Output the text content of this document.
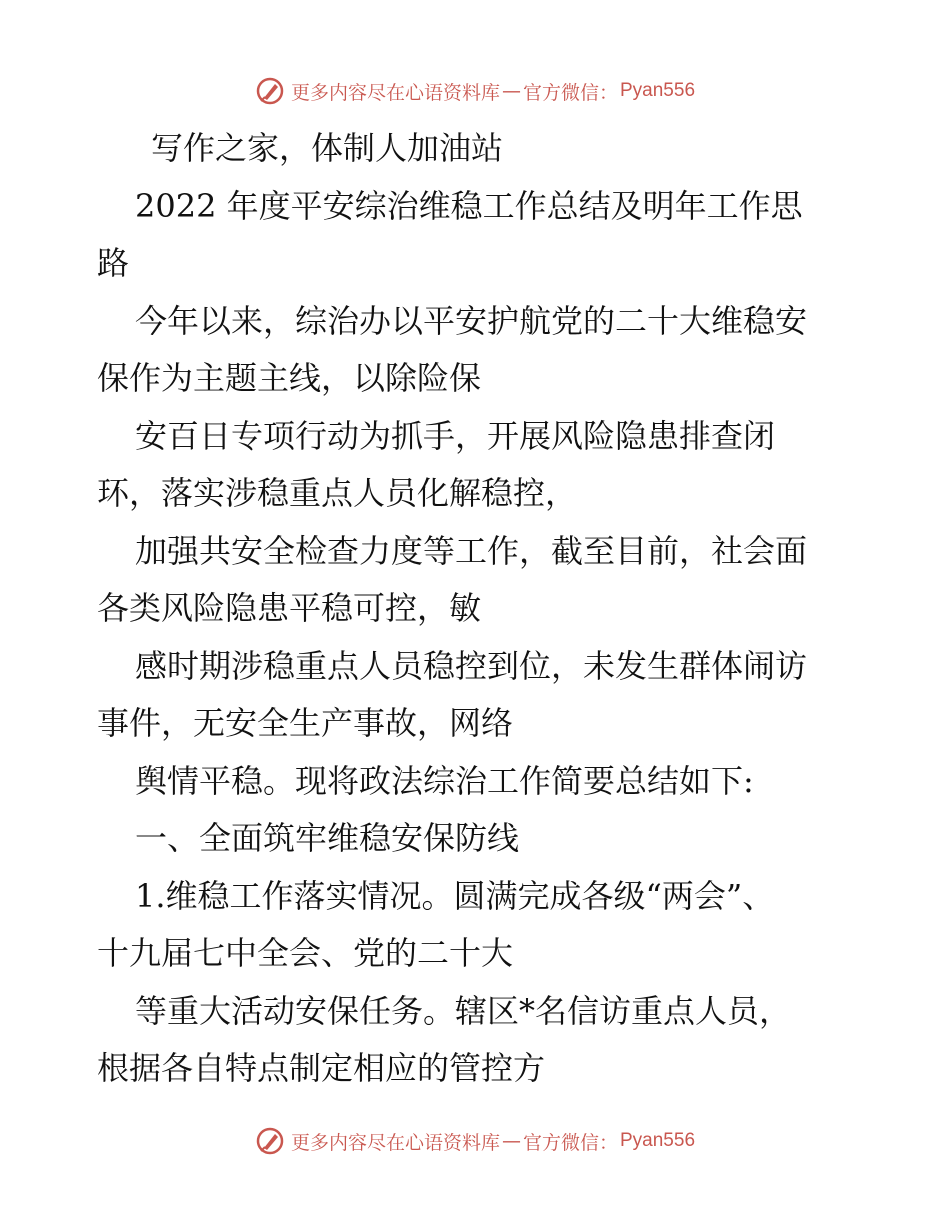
更多内容尽在心语资料库 — 官方微信： Pyan556

写作之家，体制人加油站

2022 年度平安综治维稳工作总结及明年工作思

路

今年以来，综治办以平安护航党的二十大维稳安

保作为主题主线，以除险保

安百日专项行动为抓手，开展风险隐患排查闭

环，落实涉稳重点人员化解稳控，

加强共安全检查力度等工作，截至目前，社会面

各类风险隐患平稳可控，敏

感时期涉稳重点人员稳控到位，未发生群体闹访

事件，无安全生产事故，网络

舆情平稳。现将政法综治工作简要总结如下:

一、全面筑牢维稳安保防线

1.维稳工作落实情况。圆满完成各级“两会”、

十九届七中全会、党的二十大

等重大活动安保任务。辖区*名信访重点人员，

根据各自特点制定相应的管控方

更多内容尽在心语资料库 — 官方微信： Pyan556
